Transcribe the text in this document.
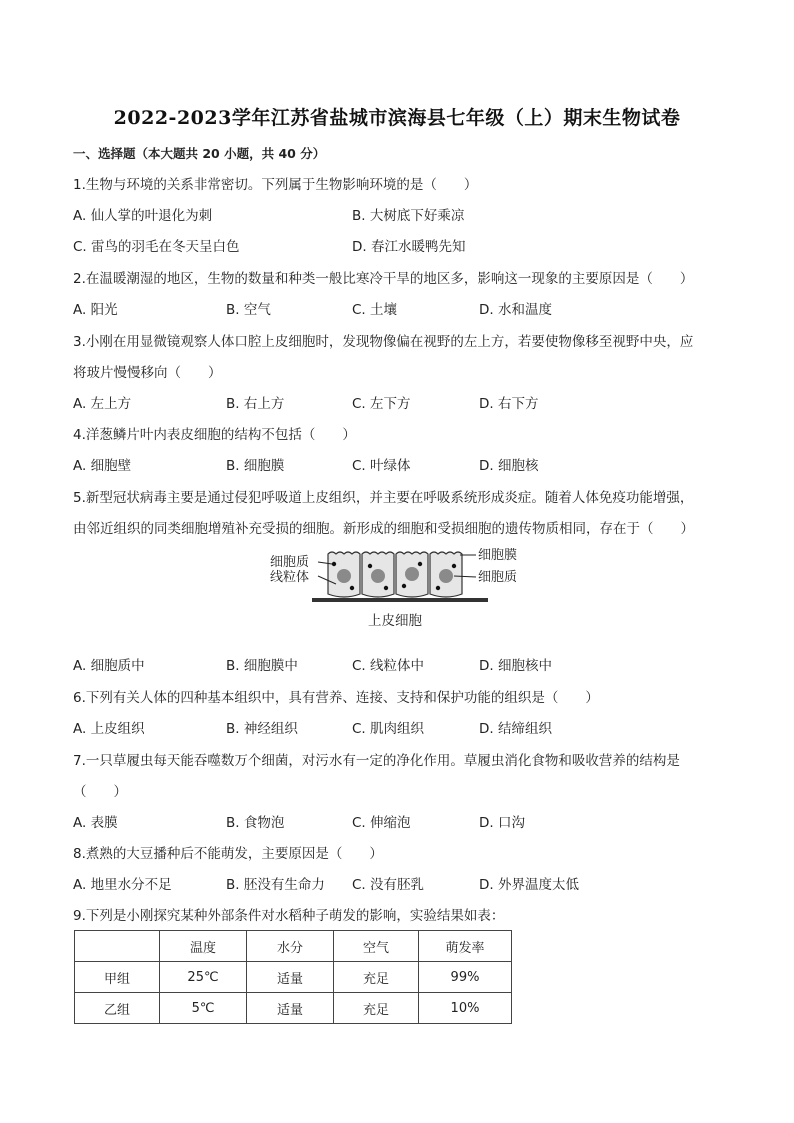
2022-2023学年江苏省盐城市滨海县七年级（上）期末生物试卷
一、选择题（本大题共 20 小题，共 40 分）
1.生物与环境的关系非常密切。下列属于生物影响环境的是（　　）
A. 仙人掌的叶退化为刺	B. 大树底下好乘凉
C. 雷鸟的羽毛在冬天呈白色	D. 春江水暖鸭先知
2.在温暖潮湿的地区，生物的数量和种类一般比寒冷干旱的地区多，影响这一现象的主要原因是（　　）
A. 阳光	B. 空气	C. 土壤	D. 水和温度
3.小刚在用显微镜观察人体口腔上皮细胞时，发现物像偏在视野的左上方，若要使物像移至视野中央，应
将玻片慢慢移向（　　）
A. 左上方	B. 右上方	C. 左下方	D. 右下方
4.洋葱鳞片叶内表皮细胞的结构不包括（　　）
A. 细胞壁	B. 细胞膜	C. 叶绿体	D. 细胞核
5.新型冠状病毒主要是通过侵犯呼吸道上皮组织，并主要在呼吸系统形成炎症。随着人体免疫功能增强，
由邻近组织的同类细胞增殖补充受损的细胞。新形成的细胞和受损细胞的遗传物质相同，存在于（　　）
细胞质
线粒体
细胞膜
细胞质
上皮细胞
A. 细胞质中	B. 细胞膜中	C. 线粒体中	D. 细胞核中
6.下列有关人体的四种基本组织中，具有营养、连接、支持和保护功能的组织是（　　）
A. 上皮组织	B. 神经组织	C. 肌肉组织	D. 结缔组织
7.一只草履虫每天能吞噬数万个细菌，对污水有一定的净化作用。草履虫消化食物和吸收营养的结构是
（　　）
A. 表膜	B. 食物泡	C. 伸缩泡	D. 口沟
8.煮熟的大豆播种后不能萌发，主要原因是（　　）
A. 地里水分不足	B. 胚没有生命力 C. 没有胚乳	D. 外界温度太低
9.下列是小刚探究某种外部条件对水稻种子萌发的影响，实验结果如表：
	温度	水分	空气	萌发率
甲组	25℃	适量	充足	99%
乙组	5℃	适量	充足	10%
